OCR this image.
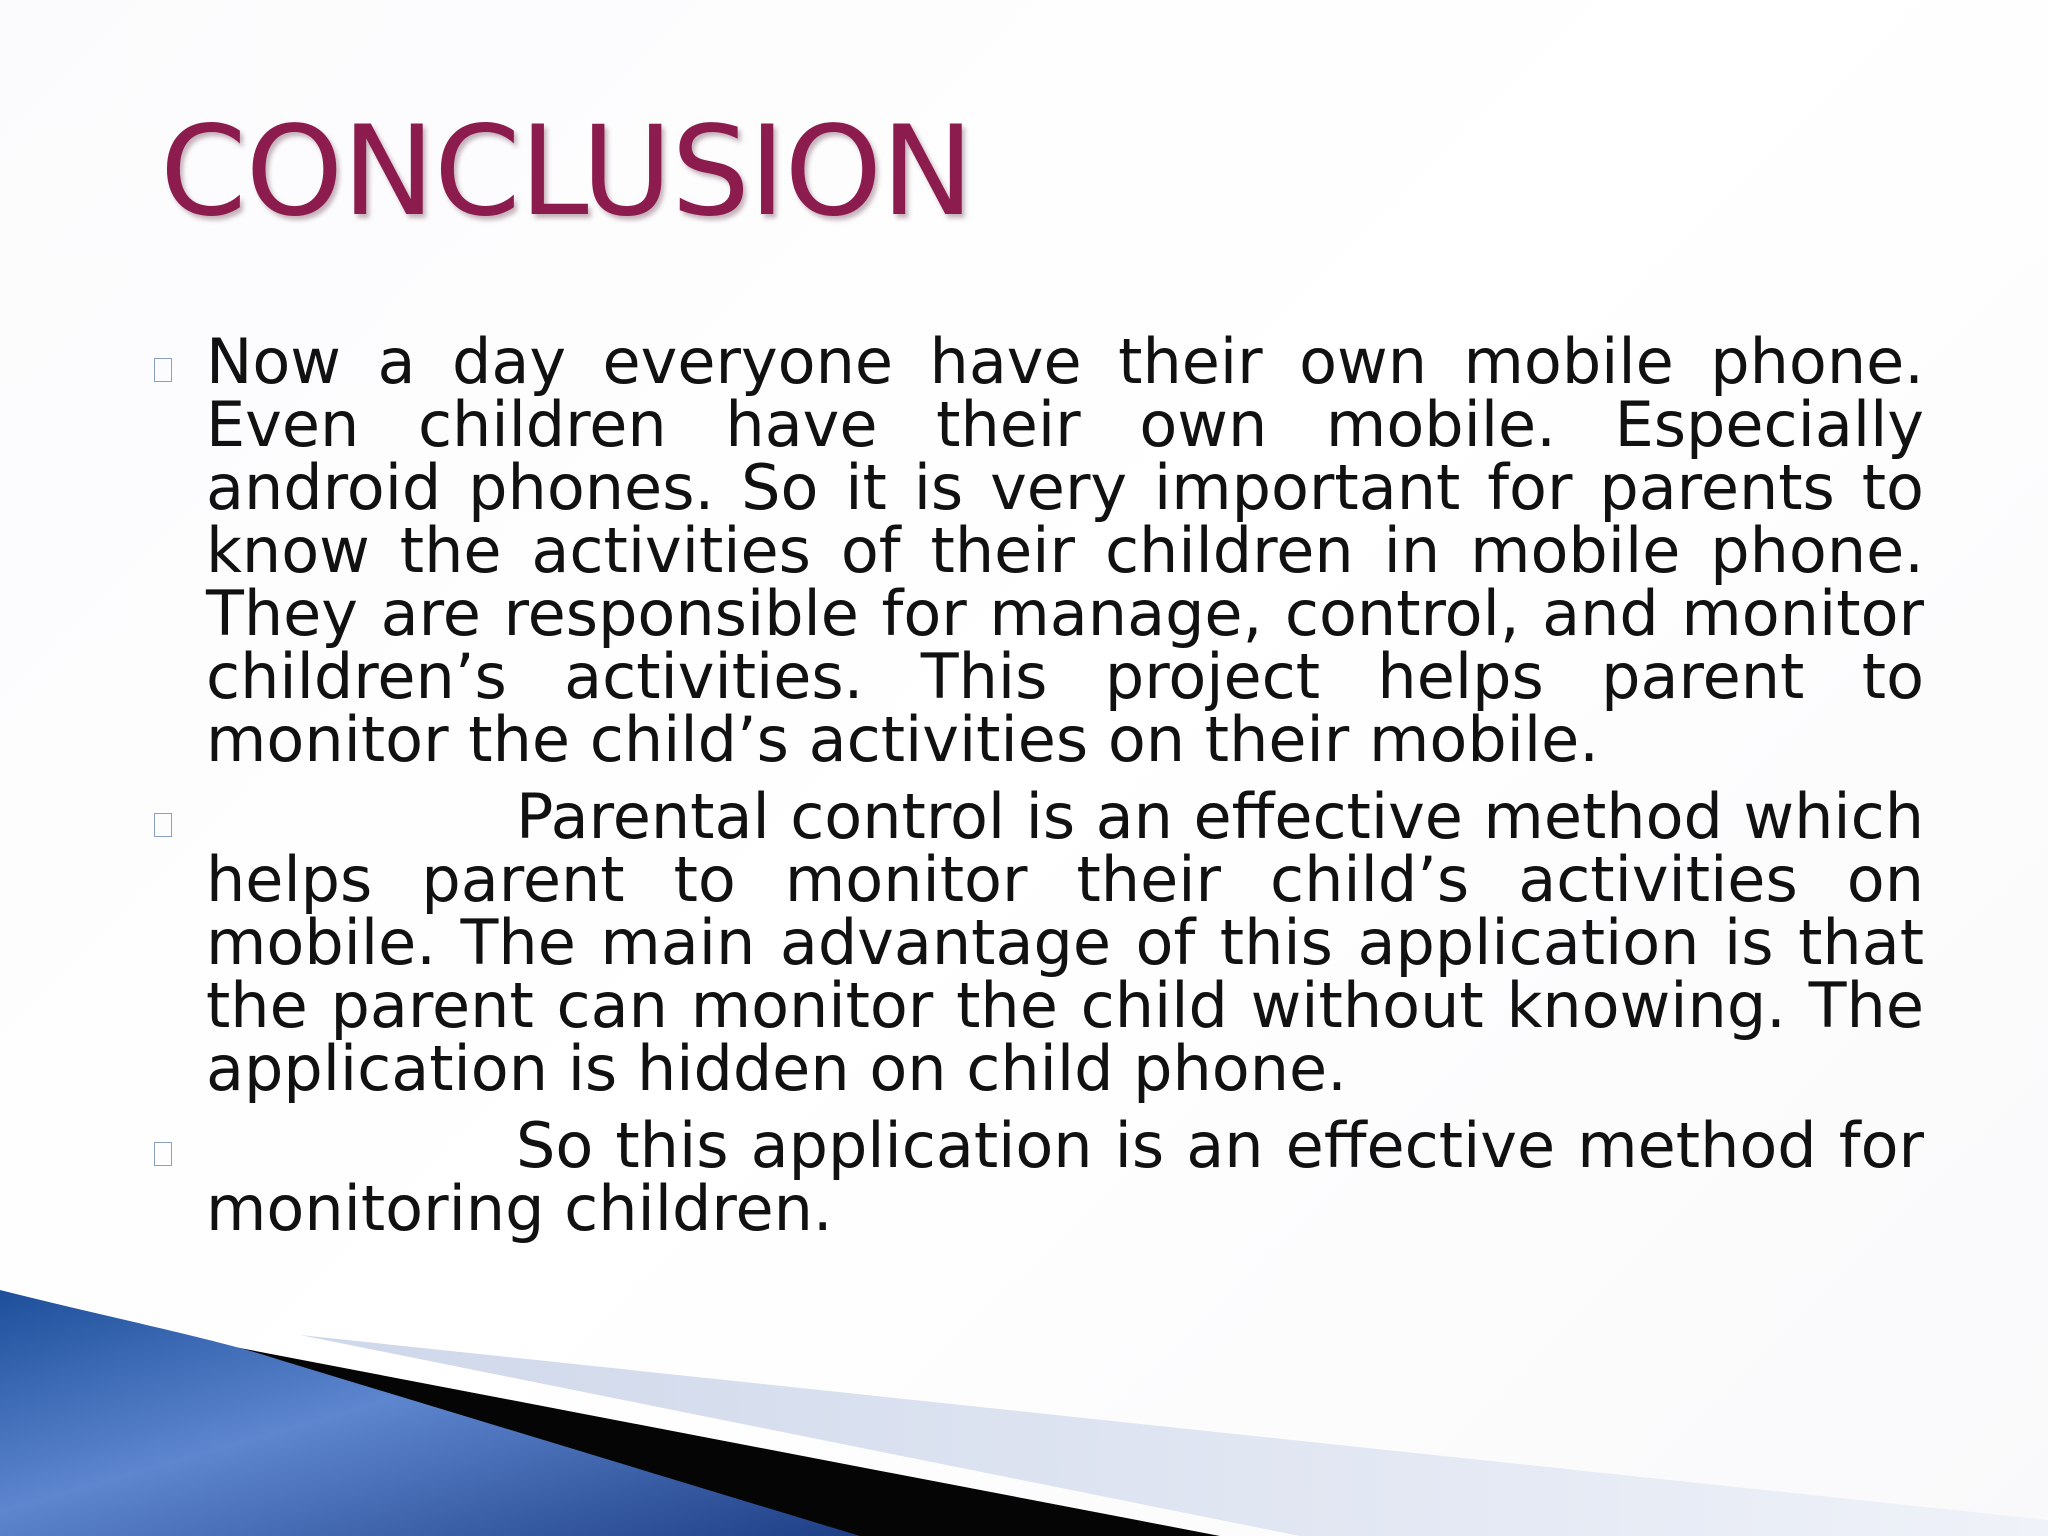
CONCLUSION

Now a day everyone have their own mobile phone. Even children have their own mobile. Especially android phones. So it is very important for parents to know the activities of their children in mobile phone. They are responsible for manage, control, and monitor children’s activities. This project helps parent to monitor the child’s activities on their mobile.

Parental control is an effective method which helps parent to monitor their child’s activities on mobile. The main advantage of this application is that the parent can monitor the child without knowing. The application is hidden on child phone.

So this application is an effective method for monitoring children.
